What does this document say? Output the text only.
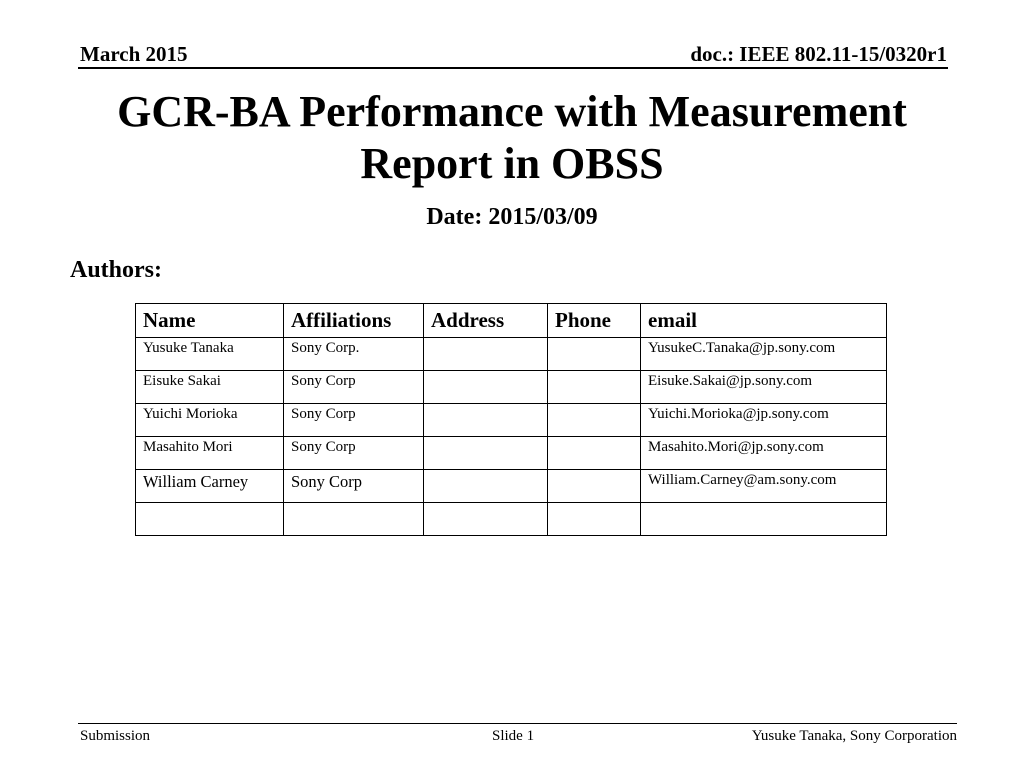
March 2015	doc.: IEEE 802.11-15/0320r1
GCR-BA Performance with Measurement
Report in OBSS
Date: 2015/03/09
Authors:
Name	Affiliations	Address	Phone	email
Yusuke Tanaka	Sony Corp.			YusukeC.Tanaka@jp.sony.com
Eisuke Sakai	Sony Corp			Eisuke.Sakai@jp.sony.com
Yuichi Morioka	Sony Corp			Yuichi.Morioka@jp.sony.com
Masahito Mori	Sony Corp			Masahito.Mori@jp.sony.com
William Carney	Sony Corp			William.Carney@am.sony.com

Submission	Slide 1	Yusuke Tanaka, Sony Corporation
